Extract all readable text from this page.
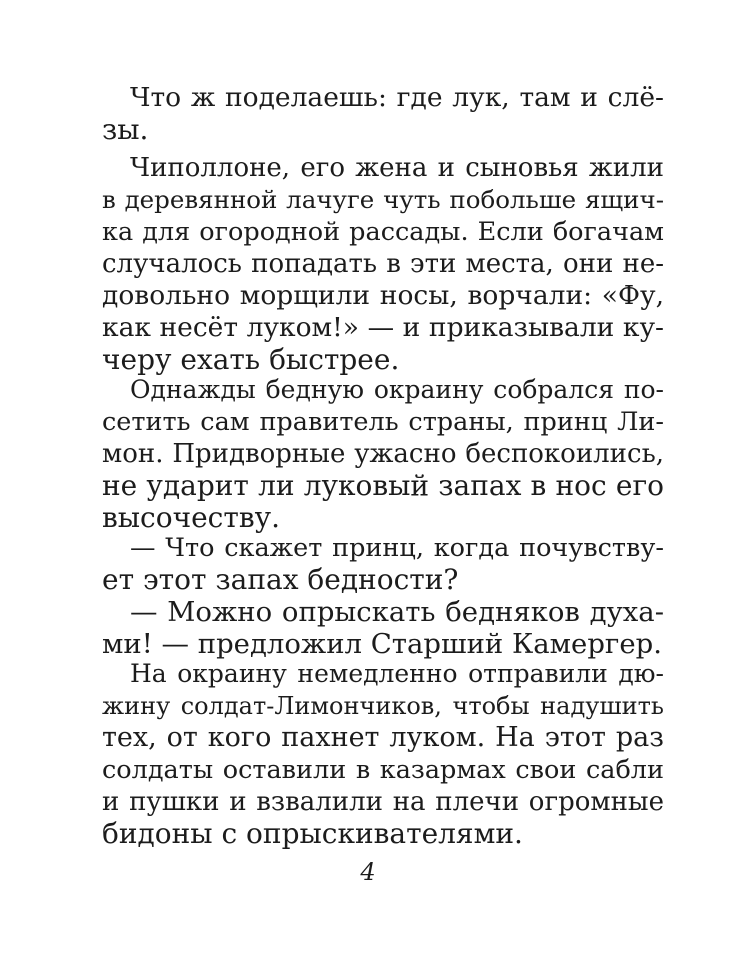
Что ж поделаешь: где лук, там и слё-
зы.
Чиполлоне, его жена и сыновья жили
в деревянной лачуге чуть побольше ящич-
ка для огородной рассады. Если богачам
случалось попадать в эти места, они не-
довольно морщили носы, ворчали: «Фу,
как несёт луком!» — и приказывали ку-
черу ехать быстрее.
Однажды бедную окраину собрался по-
сетить сам правитель страны, принц Ли-
мон. Придворные ужасно беспокоились,
не ударит ли луковый запах в нос его
высочеству.
— Что скажет принц, когда почувству-
ет этот запах бедности?
— Можно опрыскать бедняков духа-
ми! — предложил Старший Камергер.
На окраину немедленно отправили дю-
жину солдат-Лимончиков, чтобы надушить
тех, от кого пахнет луком. На этот раз
солдаты оставили в казармах свои сабли
и пушки и взвалили на плечи огромные
бидоны с опрыскивателями.
4
